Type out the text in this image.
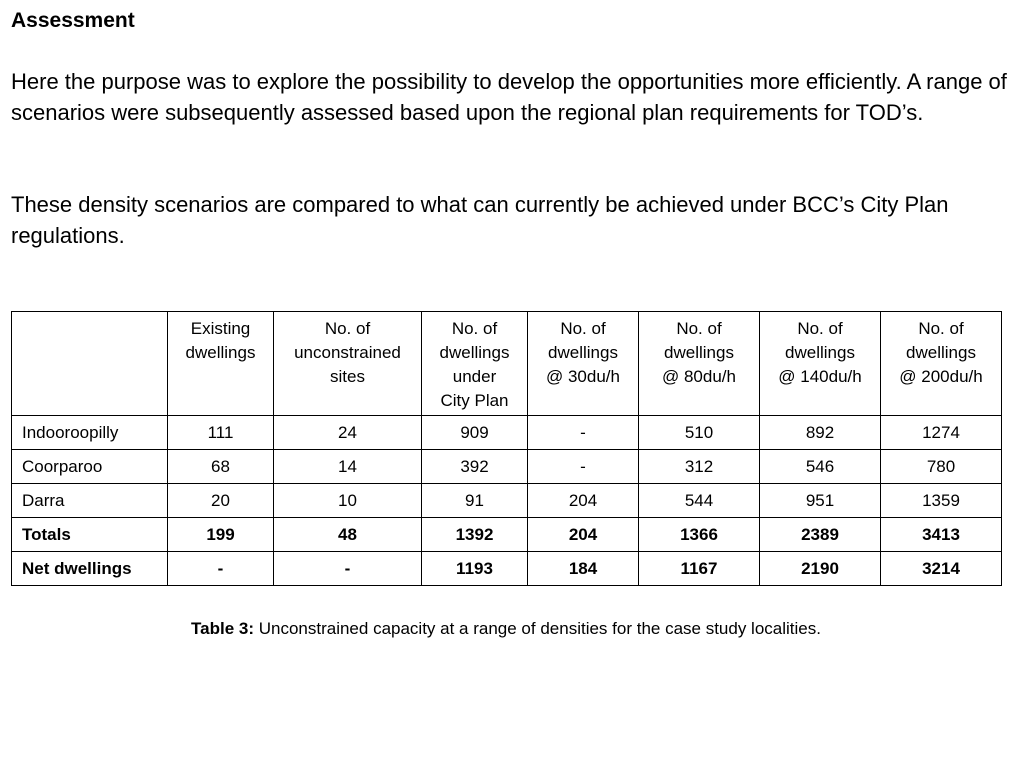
Assessment

Here the purpose was to explore the possibility to develop the opportunities more efficiently. A range of scenarios were subsequently assessed based upon the regional plan requirements for TOD’s.

These density scenarios are compared to what can currently be achieved under BCC’s City Plan regulations.

	Existing
dwellings	No. of
unconstrained
sites	No. of
dwellings
under
City Plan	No. of
dwellings
@ 30du/h	No. of
dwellings
@ 80du/h	No. of
dwellings
@ 140du/h	No. of
dwellings
@ 200du/h
Indooroopilly	111	24	909	-	510	892	1274
Coorparoo	68	14	392	-	312	546	780
Darra	20	10	91	204	544	951	1359
Totals	199	48	1392	204	1366	2389	3413
Net dwellings	-	-	1193	184	1167	2190	3214
Table 3: Unconstrained capacity at a range of densities for the case study localities.
